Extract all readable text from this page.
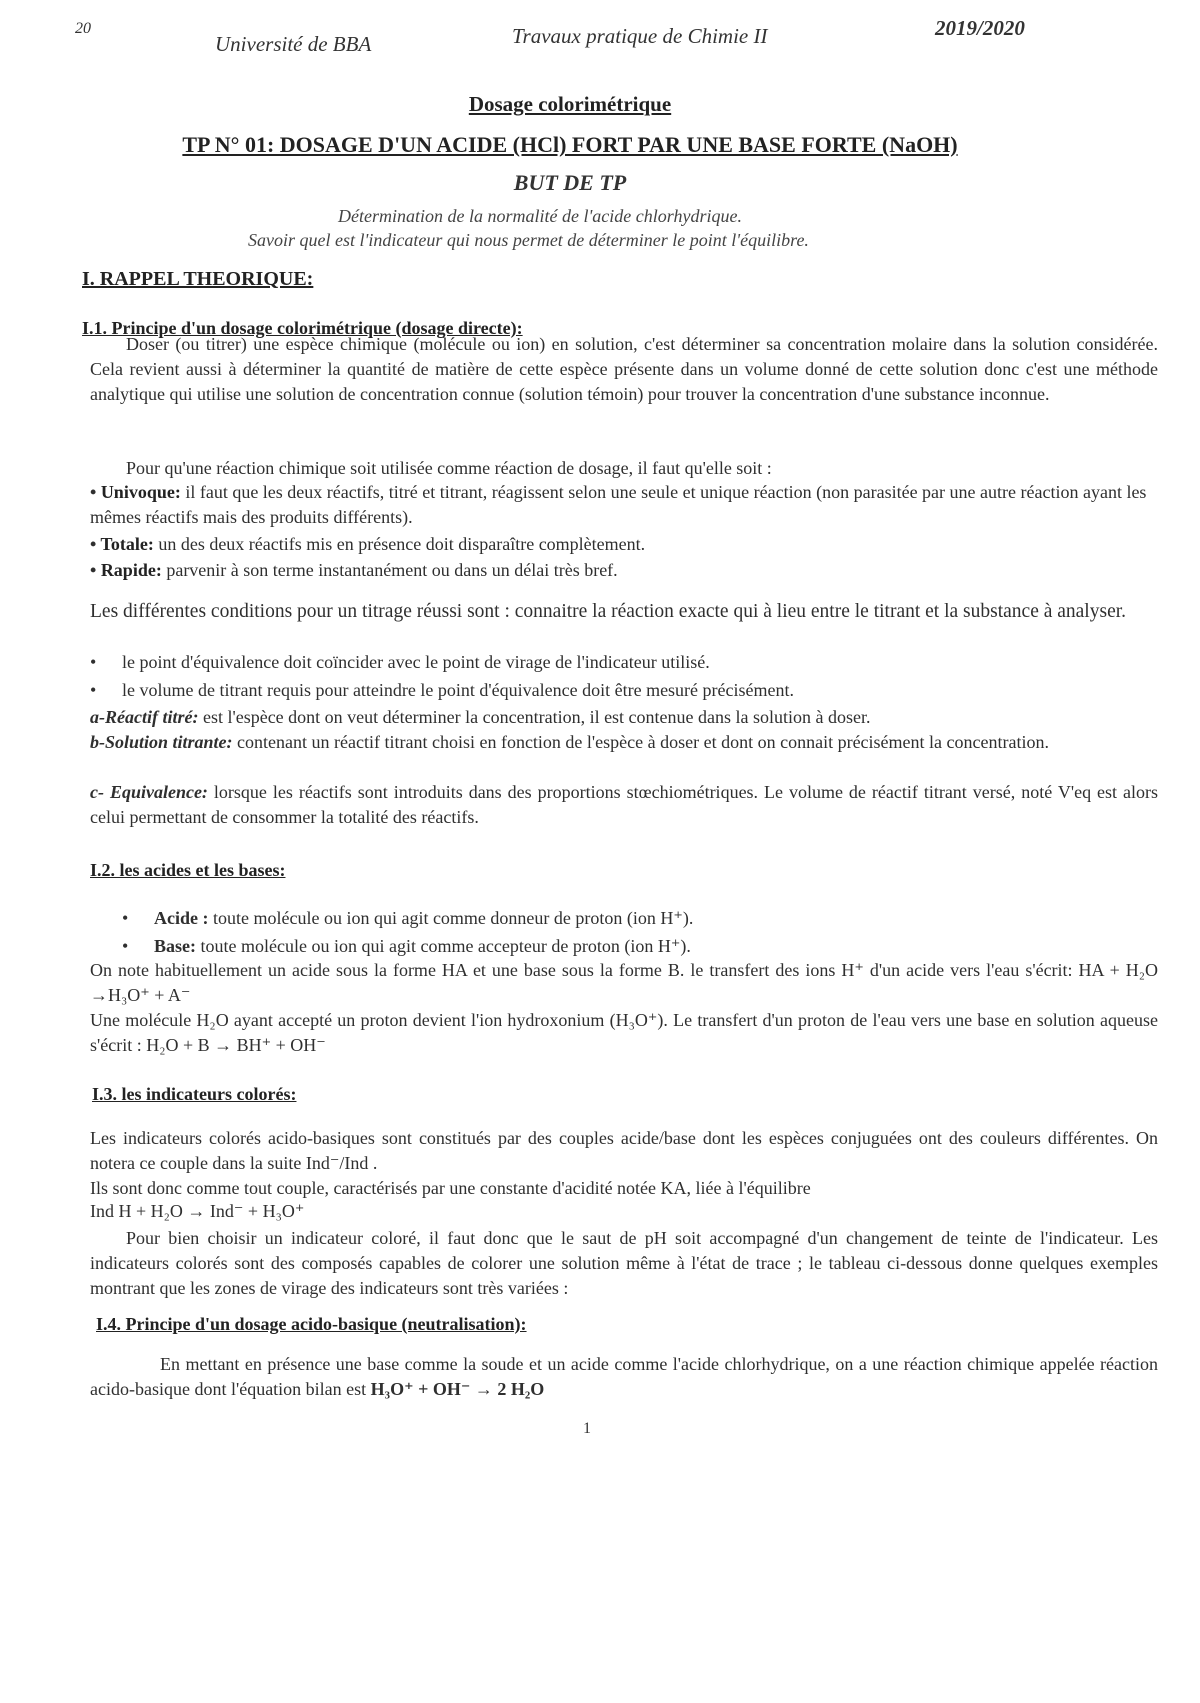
20
Université de BBA	Travaux pratique de Chimie II	2019/2020
Dosage colorimétrique
TP N° 01: DOSAGE D'UN ACIDE (HCl) FORT PAR UNE BASE FORTE (NaOH)
BUT DE TP
Détermination de la normalité de l'acide chlorhydrique.
Savoir quel est l'indicateur qui nous permet de déterminer le point l'équilibre.
I. RAPPEL THEORIQUE:
I.1. Principe d'un dosage colorimétrique (dosage directe):
Doser (ou titrer) une espèce chimique (molécule ou ion) en solution, c'est déterminer sa concentration molaire dans la solution considérée. Cela revient aussi à déterminer la quantité de matière de cette espèce présente dans un volume donné de cette solution donc c'est une méthode analytique qui utilise une solution de concentration connue (solution témoin) pour trouver la concentration d'une substance inconnue.
Pour qu'une réaction chimique soit utilisée comme réaction de dosage, il faut qu'elle soit :
• Univoque: il faut que les deux réactifs, titré et titrant, réagissent selon une seule et unique réaction (non parasitée par une autre réaction ayant les mêmes réactifs mais des produits différents).
• Totale: un des deux réactifs mis en présence doit disparaître complètement.
• Rapide: parvenir à son terme instantanément ou dans un délai très bref.
Les différentes conditions pour un titrage réussi sont : connaitre la réaction exacte qui à lieu entre le titrant et la substance à analyser.
• le point d'équivalence doit coïncider avec le point de virage de l'indicateur utilisé.
• le volume de titrant requis pour atteindre le point d'équivalence doit être mesuré précisément.
a-Réactif titré: est l'espèce dont on veut déterminer la concentration, il est contenue dans la solution à doser.
b-Solution titrante: contenant un réactif titrant choisi en fonction de l'espèce à doser et dont on connait précisément la concentration.
c- Equivalence: lorsque les réactifs sont introduits dans des proportions stœchiométriques. Le volume de réactif titrant versé, noté V'eq est alors celui permettant de consommer la totalité des réactifs.
I.2. les acides et les bases:
• Acide : toute molécule ou ion qui agit comme donneur de proton (ion H⁺).
• Base: toute molécule ou ion qui agit comme accepteur de proton (ion H⁺).
On note habituellement un acide sous la forme HA et une base sous la forme B. le transfert des ions H⁺ d'un acide vers l'eau s'écrit: HA + H₂O →H₃O⁺ + A⁻
Une molécule H₂O ayant accepté un proton devient l'ion hydroxonium (H₃O⁺). Le transfert d'un proton de l'eau vers une base en solution aqueuse s'écrit : H₂O + B → BH⁺ + OH⁻
I.3. les indicateurs colorés:
Les indicateurs colorés acido-basiques sont constitués par des couples acide/base dont les espèces conjuguées ont des couleurs différentes. On notera ce couple dans la suite Ind⁻/Ind .
Ils sont donc comme tout couple, caractérisés par une constante d'acidité notée KA, liée à l'équilibre
Ind H + H₂O → Ind⁻ + H₃O⁺
Pour bien choisir un indicateur coloré, il faut donc que le saut de pH soit accompagné d'un changement de teinte de l'indicateur. Les indicateurs colorés sont des composés capables de colorer une solution même à l'état de trace ; le tableau ci-dessous donne quelques exemples montrant que les zones de virage des indicateurs sont très variées :
I.4. Principe d'un dosage acido-basique (neutralisation):
En mettant en présence une base comme la soude et un acide comme l'acide chlorhydrique, on a une réaction chimique appelée réaction acido-basique dont l'équation bilan est H₃O⁺ + OH⁻ → 2 H₂O
1
